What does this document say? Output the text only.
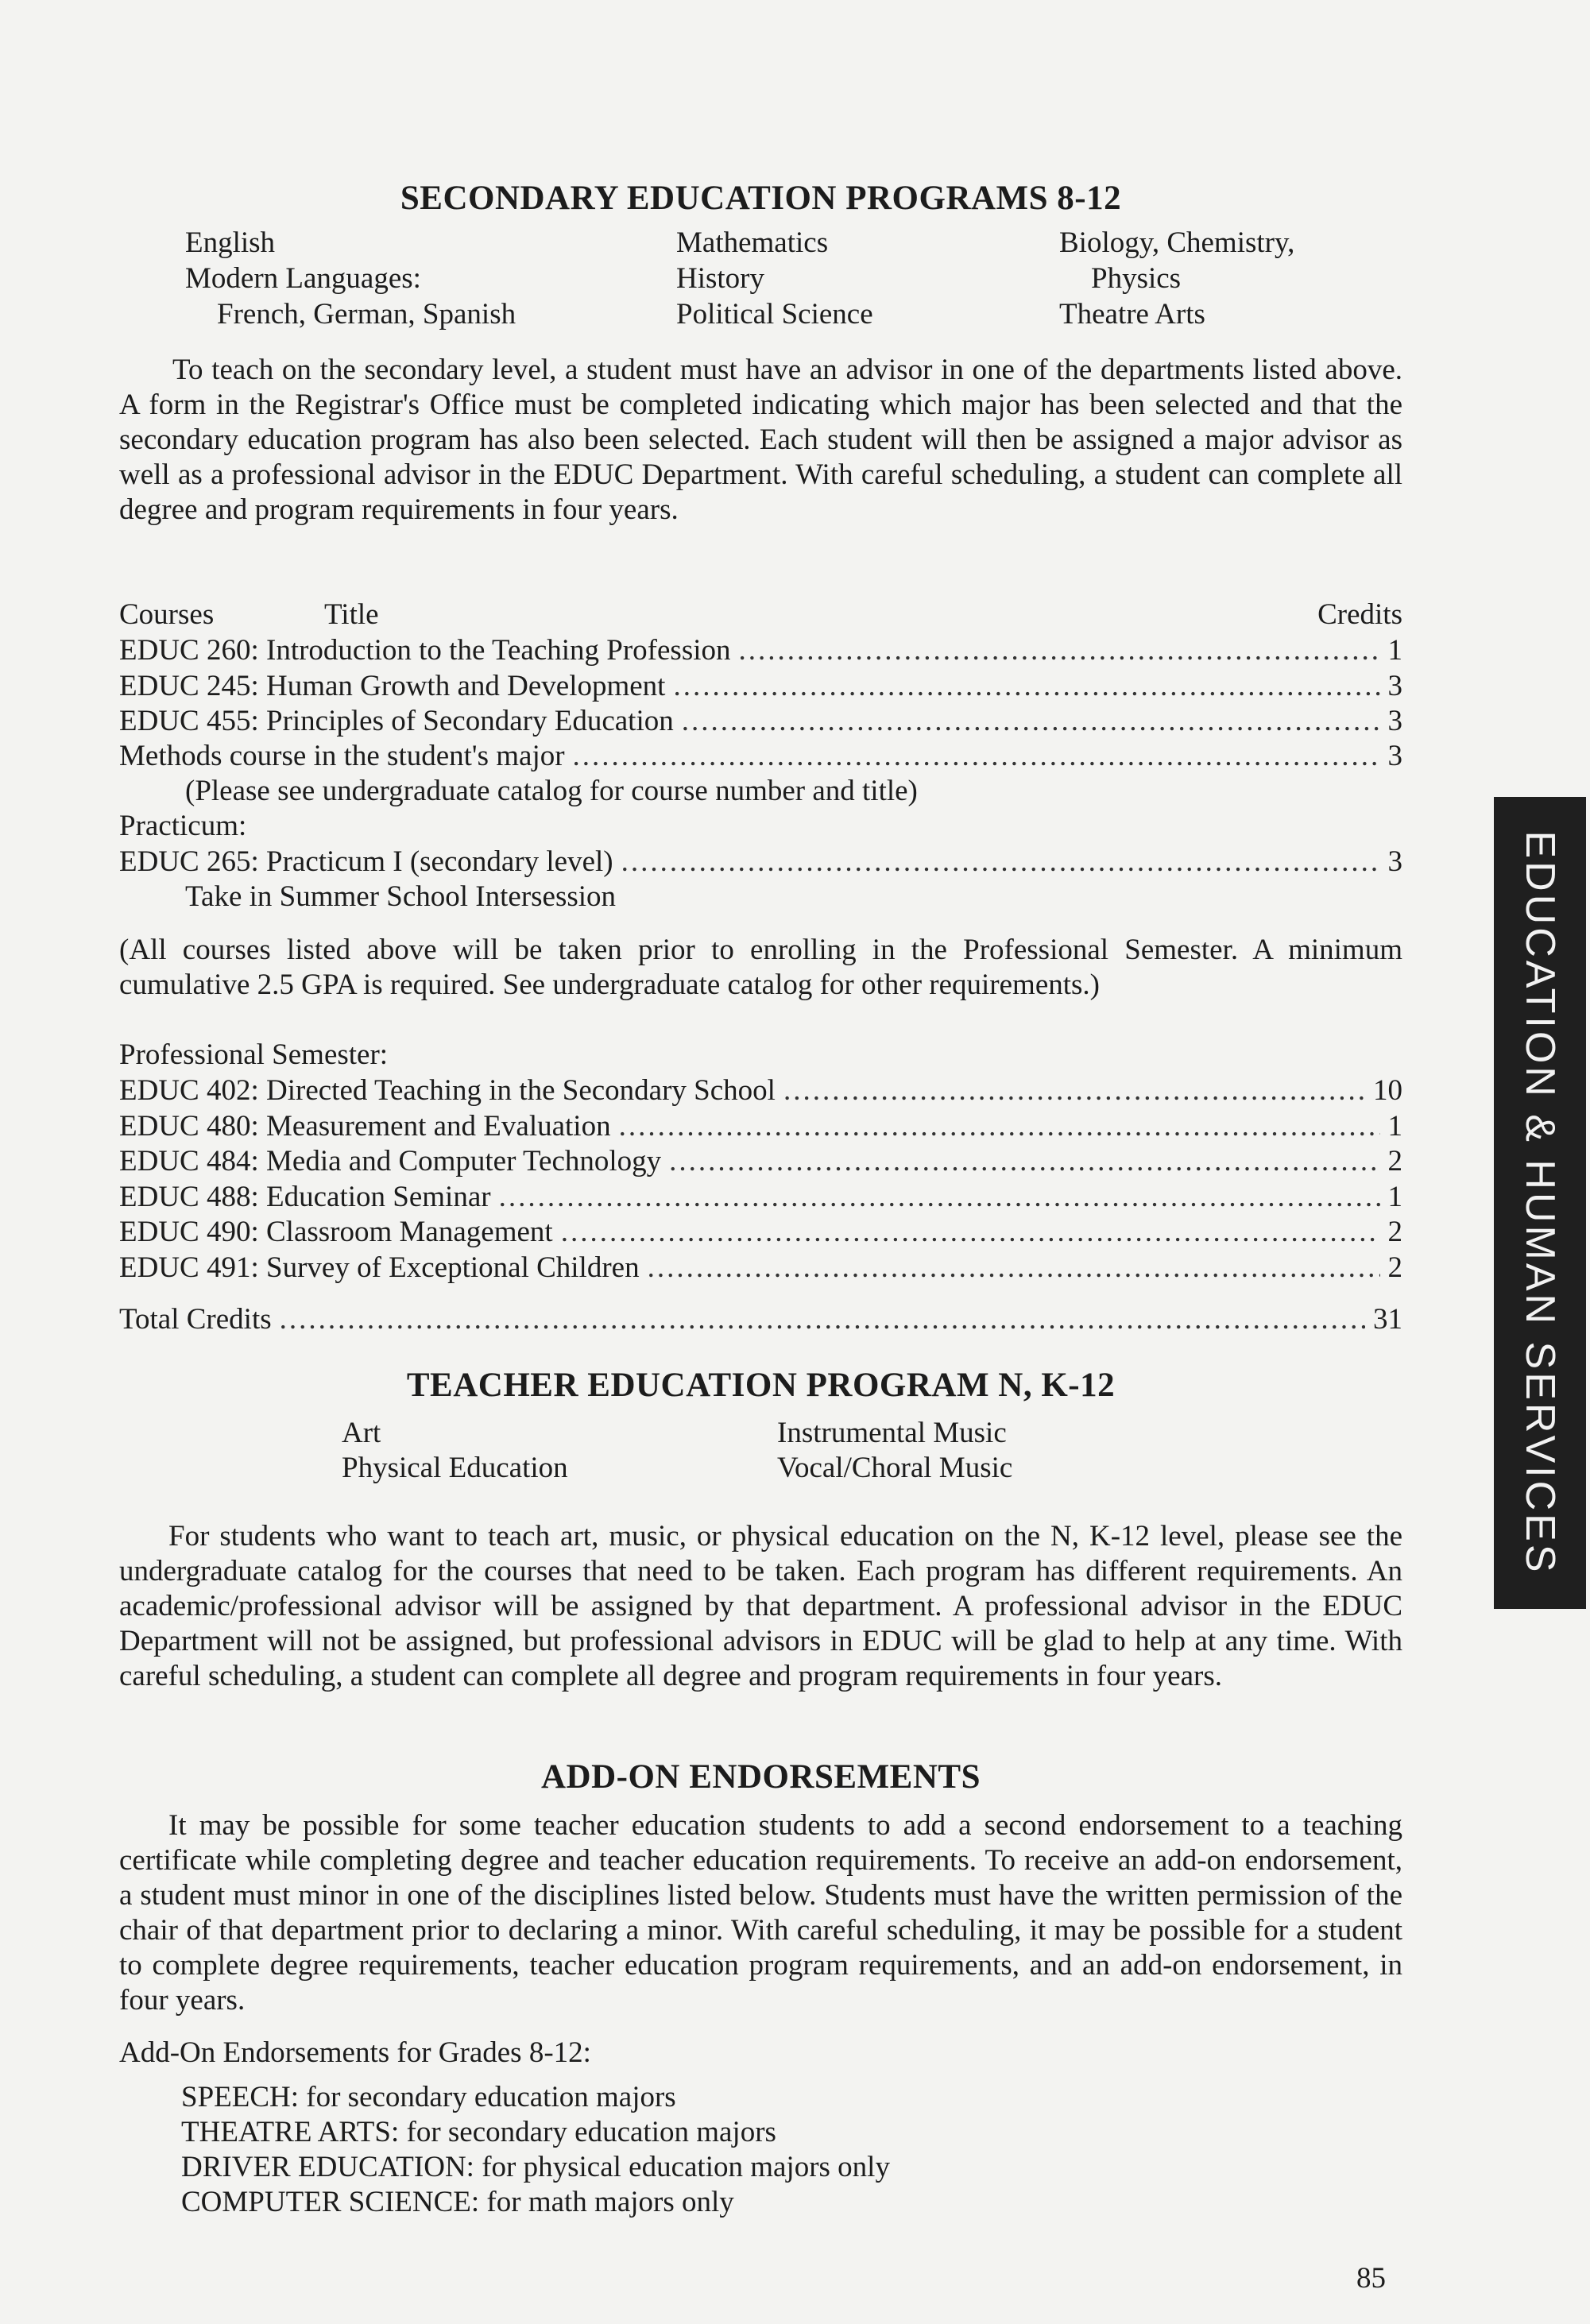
SECONDARY EDUCATION PROGRAMS 8-12
English
Modern Languages:
French, German, Spanish
Mathematics
History
Political Science
Biology, Chemistry,
Physics
Theatre Arts
To teach on the secondary level, a student must have an advisor in one of the departments listed above. A form in the Registrar's Office must be completed indicating which major has been selected and that the secondary education program has also been selected. Each student will then be assigned a major advisor as well as a professional advisor in the EDUC Department. With careful scheduling, a student can complete all degree and program requirements in four years.
Courses	Title	Credits
EDUC 260: Introduction to the Teaching Profession .....	1
EDUC 245: Human Growth and Development .....	3
EDUC 455: Principles of Secondary Education .....	3
Methods course in the student's major .....	3
(Please see undergraduate catalog for course number and title)
Practicum:
EDUC 265: Practicum I (secondary level) .....	3
Take in Summer School Intersession
(All courses listed above will be taken prior to enrolling in the Professional Semester. A minimum cumulative 2.5 GPA is required. See undergraduate catalog for other requirements.)
Professional Semester:
EDUC 402: Directed Teaching in the Secondary School .....	10
EDUC 480: Measurement and Evaluation .....	1
EDUC 484: Media and Computer Technology .....	2
EDUC 488: Education Seminar .....	1
EDUC 490: Classroom Management .....	2
EDUC 491: Survey of Exceptional Children .....	2
Total Credits .....	31
TEACHER EDUCATION PROGRAM N, K-12
Art
Physical Education
Instrumental Music
Vocal/Choral Music
For students who want to teach art, music, or physical education on the N, K-12 level, please see the undergraduate catalog for the courses that need to be taken. Each program has different requirements. An academic/professional advisor will be assigned by that department. A professional advisor in the EDUC Department will not be assigned, but professional advisors in EDUC will be glad to help at any time. With careful scheduling, a student can complete all degree and program requirements in four years.
ADD-ON ENDORSEMENTS
It may be possible for some teacher education students to add a second endorsement to a teaching certificate while completing degree and teacher education requirements. To receive an add-on endorsement, a student must minor in one of the disciplines listed below. Students must have the written permission of the chair of that department prior to declaring a minor. With careful scheduling, it may be possible for a student to complete degree requirements, teacher education program requirements, and an add-on endorsement, in four years.
Add-On Endorsements for Grades 8-12:
SPEECH: for secondary education majors
THEATRE ARTS: for secondary education majors
DRIVER EDUCATION: for physical education majors only
COMPUTER SCIENCE: for math majors only
85
EDUCATION & HUMAN SERVICES
